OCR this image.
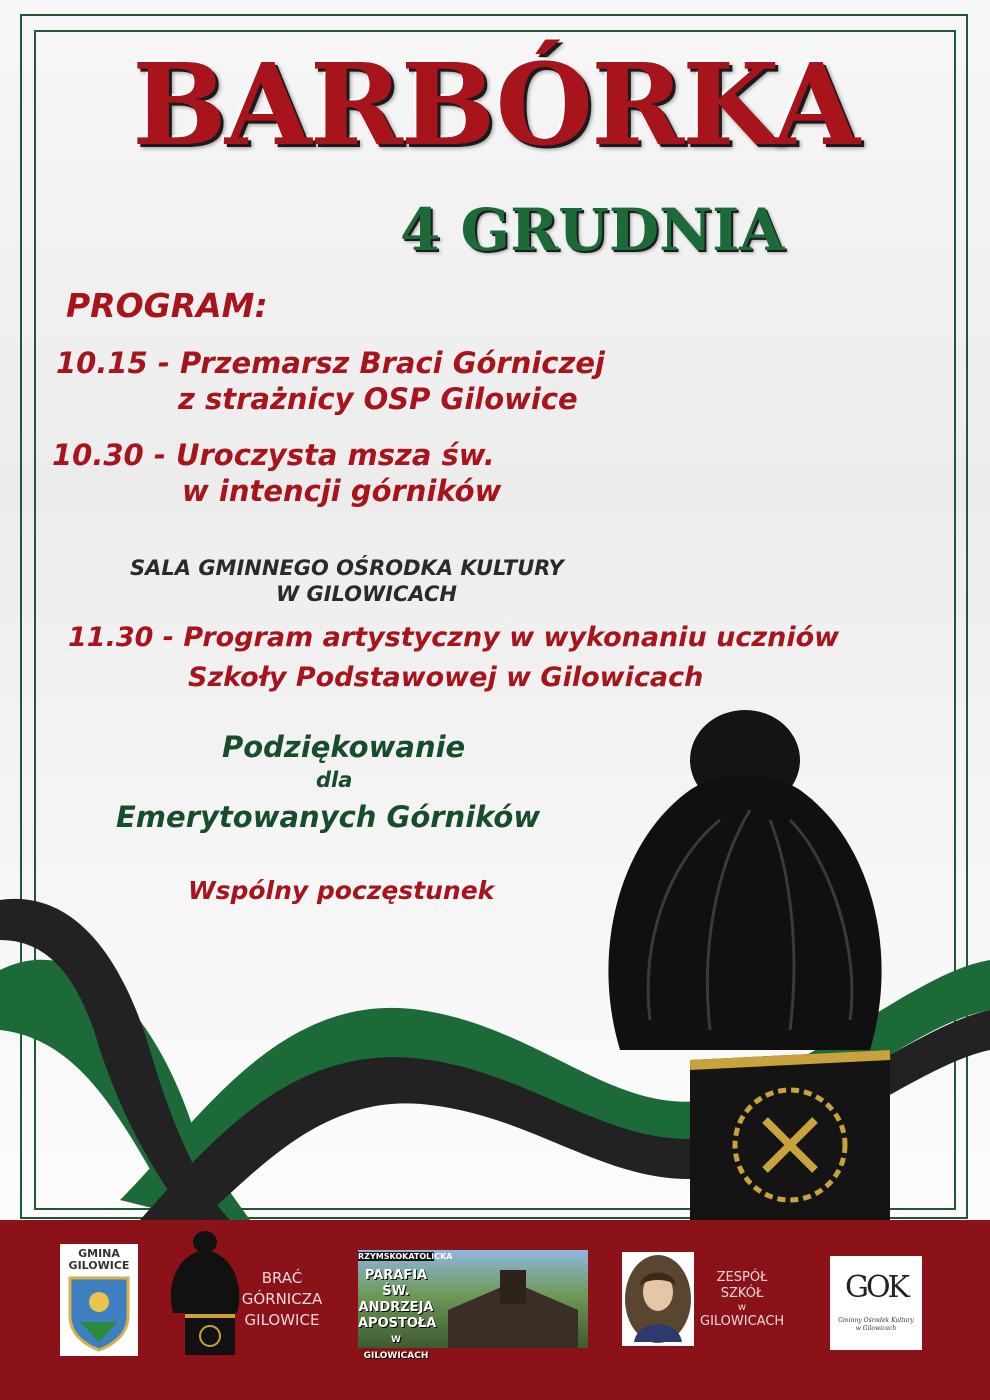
BARBÓRKA
4 GRUDNIA
PROGRAM:
10.15 - Przemarsz Braci Górniczej
z strażnicy OSP Gilowice
10.30 - Uroczysta msza św.
w intencji górników
SALA GMINNEGO OŚRODKA KULTURY
W GILOWICACH
11.30 - Program artystyczny w wykonaniu uczniów
Szkoły Podstawowej w Gilowicach
Podziękowanie
dla
Emerytowanych Górników
Wspólny poczęstunek
GMINA
GILOWICE
BRAĆ
GÓRNICZA
GILOWICE
RZYMSKOKATOLICKA
PARAFIA ŚW.
ANDRZEJA
APOSTOŁA
W GILOWICACH
ZESPÓŁ
SZKÓŁ
w
GILOWICACH
GOK
Gminny Ośrodek Kultury
w Gilowicach
